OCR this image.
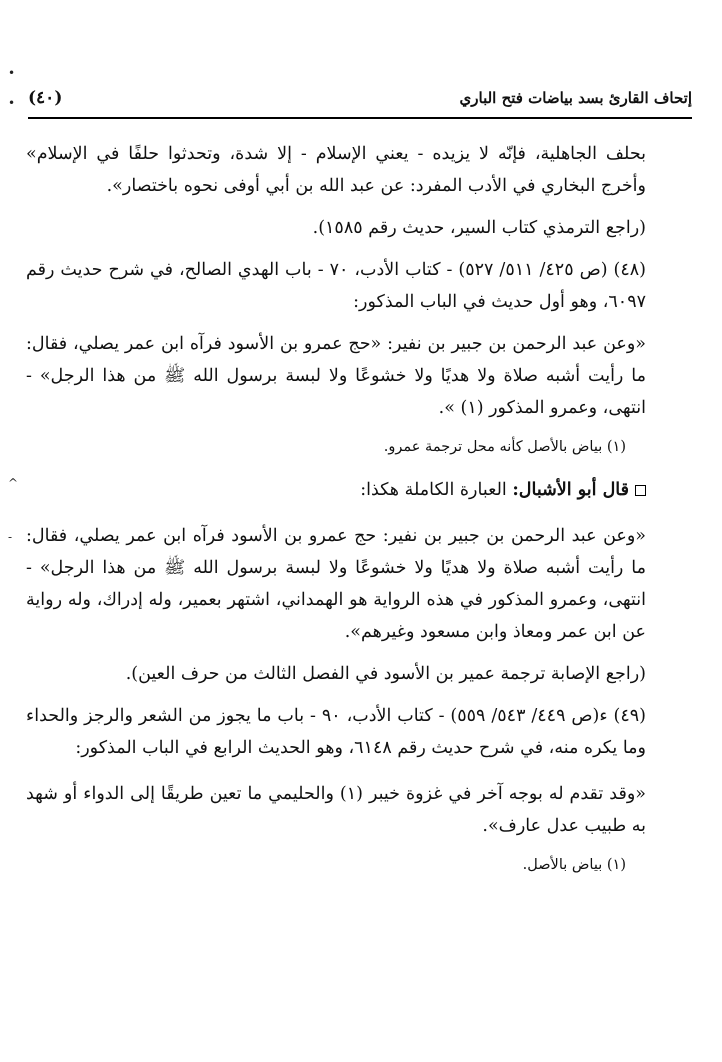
•
•
^
-
إتحاف القارئ بسد بياضات فتح الباري
(٤٠)

بحلف الجاهلية، فإنّه لا يزيده - يعني الإسلام - إلا شدة، وتحدثوا حلفًا في الإسلام» وأخرج البخاري في الأدب المفرد: عن عبد الله بن أبي أوفى نحوه باختصار».

(راجع الترمذي كتاب السير، حديث رقم ١٥٨٥).

(٤٨) (ص ٤٢٥/ ٥١١/ ٥٢٧) - كتاب الأدب، ٧٠ - باب الهدي الصالح، في شرح حديث رقم ٦٠٩٧، وهو أول حديث في الباب المذكور:

«وعن عبد الرحمن بن جبير بن نفير: «حج عمرو بن الأسود فرآه ابن عمر يصلي، فقال: ما رأيت أشبه صلاة ولا هديًا ولا خشوعًا ولا لبسة برسول الله ﷺ من هذا الرجل» - انتهى، وعمرو المذكور (١) ».

(١) بياض بالأصل كأنه محل ترجمة عمرو.

قال أبو الأشبال: العبارة الكاملة هكذا:

«وعن عبد الرحمن بن جبير بن نفير: حج عمرو بن الأسود فرآه ابن عمر يصلي، فقال: ما رأيت أشبه صلاة ولا هديًا ولا خشوعًا ولا لبسة برسول الله ﷺ من هذا الرجل» - انتهى، وعمرو المذكور في هذه الرواية هو الهمداني، اشتهر بعمير، وله إدراك، وله رواية عن ابن عمر ومعاذ وابن مسعود وغيرهم».

(راجع الإصابة ترجمة عمير بن الأسود في الفصل الثالث من حرف العين).

(٤٩) ء(ص ٤٤٩/ ٥٤٣/ ٥٥٩) - كتاب الأدب، ٩٠ - باب ما يجوز من الشعر والرجز والحداء وما يكره منه، في شرح حديث رقم ٦١٤٨، وهو الحديث الرابع في الباب المذكور:

«وقد تقدم له بوجه آخر في غزوة خيبر (١) والحليمي ما تعين طريقًا إلى الدواء أو شهد به طبيب عدل عارف».

(١) بياض بالأصل.
